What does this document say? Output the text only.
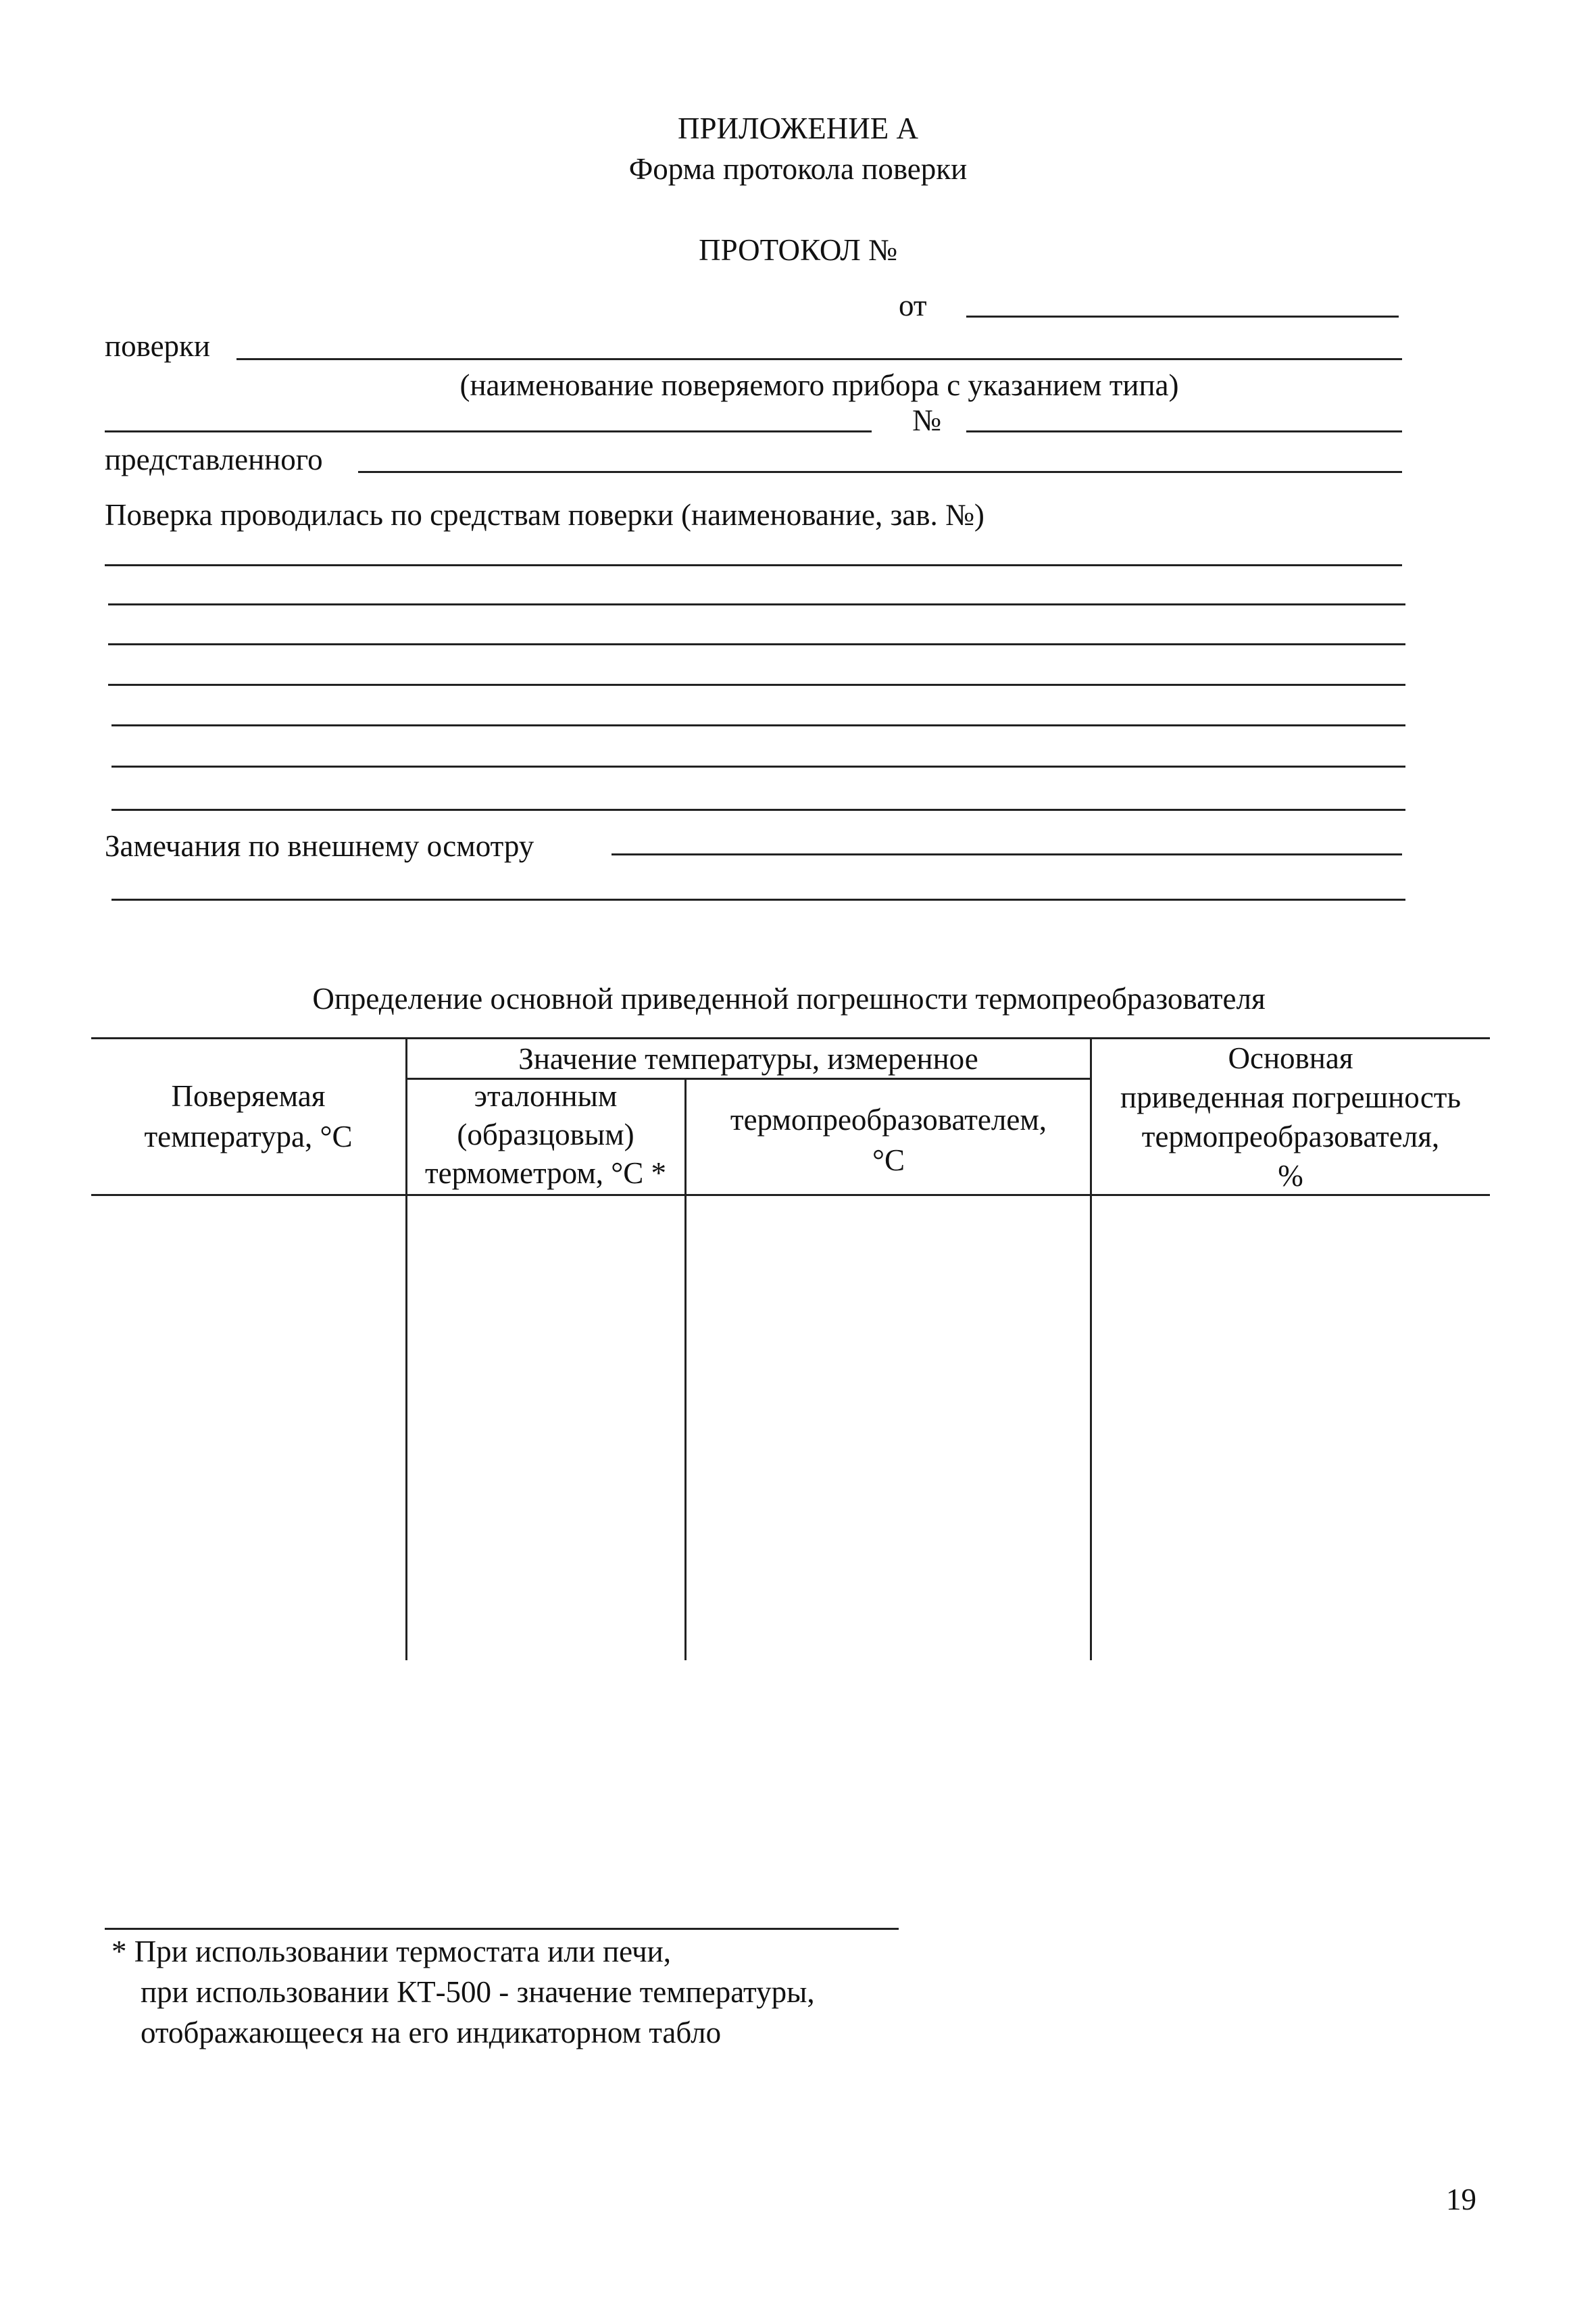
ПРИЛОЖЕНИЕ А
Форма протокола поверки
ПРОТОКОЛ №
от
поверки
(наименование поверяемого прибора с указанием типа)
№
представленного
Поверка проводилась по средствам поверки (наименование, зав. №)
Замечания по внешнему осмотру
Определение основной приведенной погрешности термопреобразователя
Поверяемая
температура, °С
Значение температуры, измеренное
эталонным
(образцовым)
термометром, °С *
термопреобразователем,
°С
Основная
приведенная погрешность
термопреобразователя,
%
* При использовании термостата или печи,
при использовании КТ-500 - значение температуры,
отображающееся на его индикаторном табло
19
